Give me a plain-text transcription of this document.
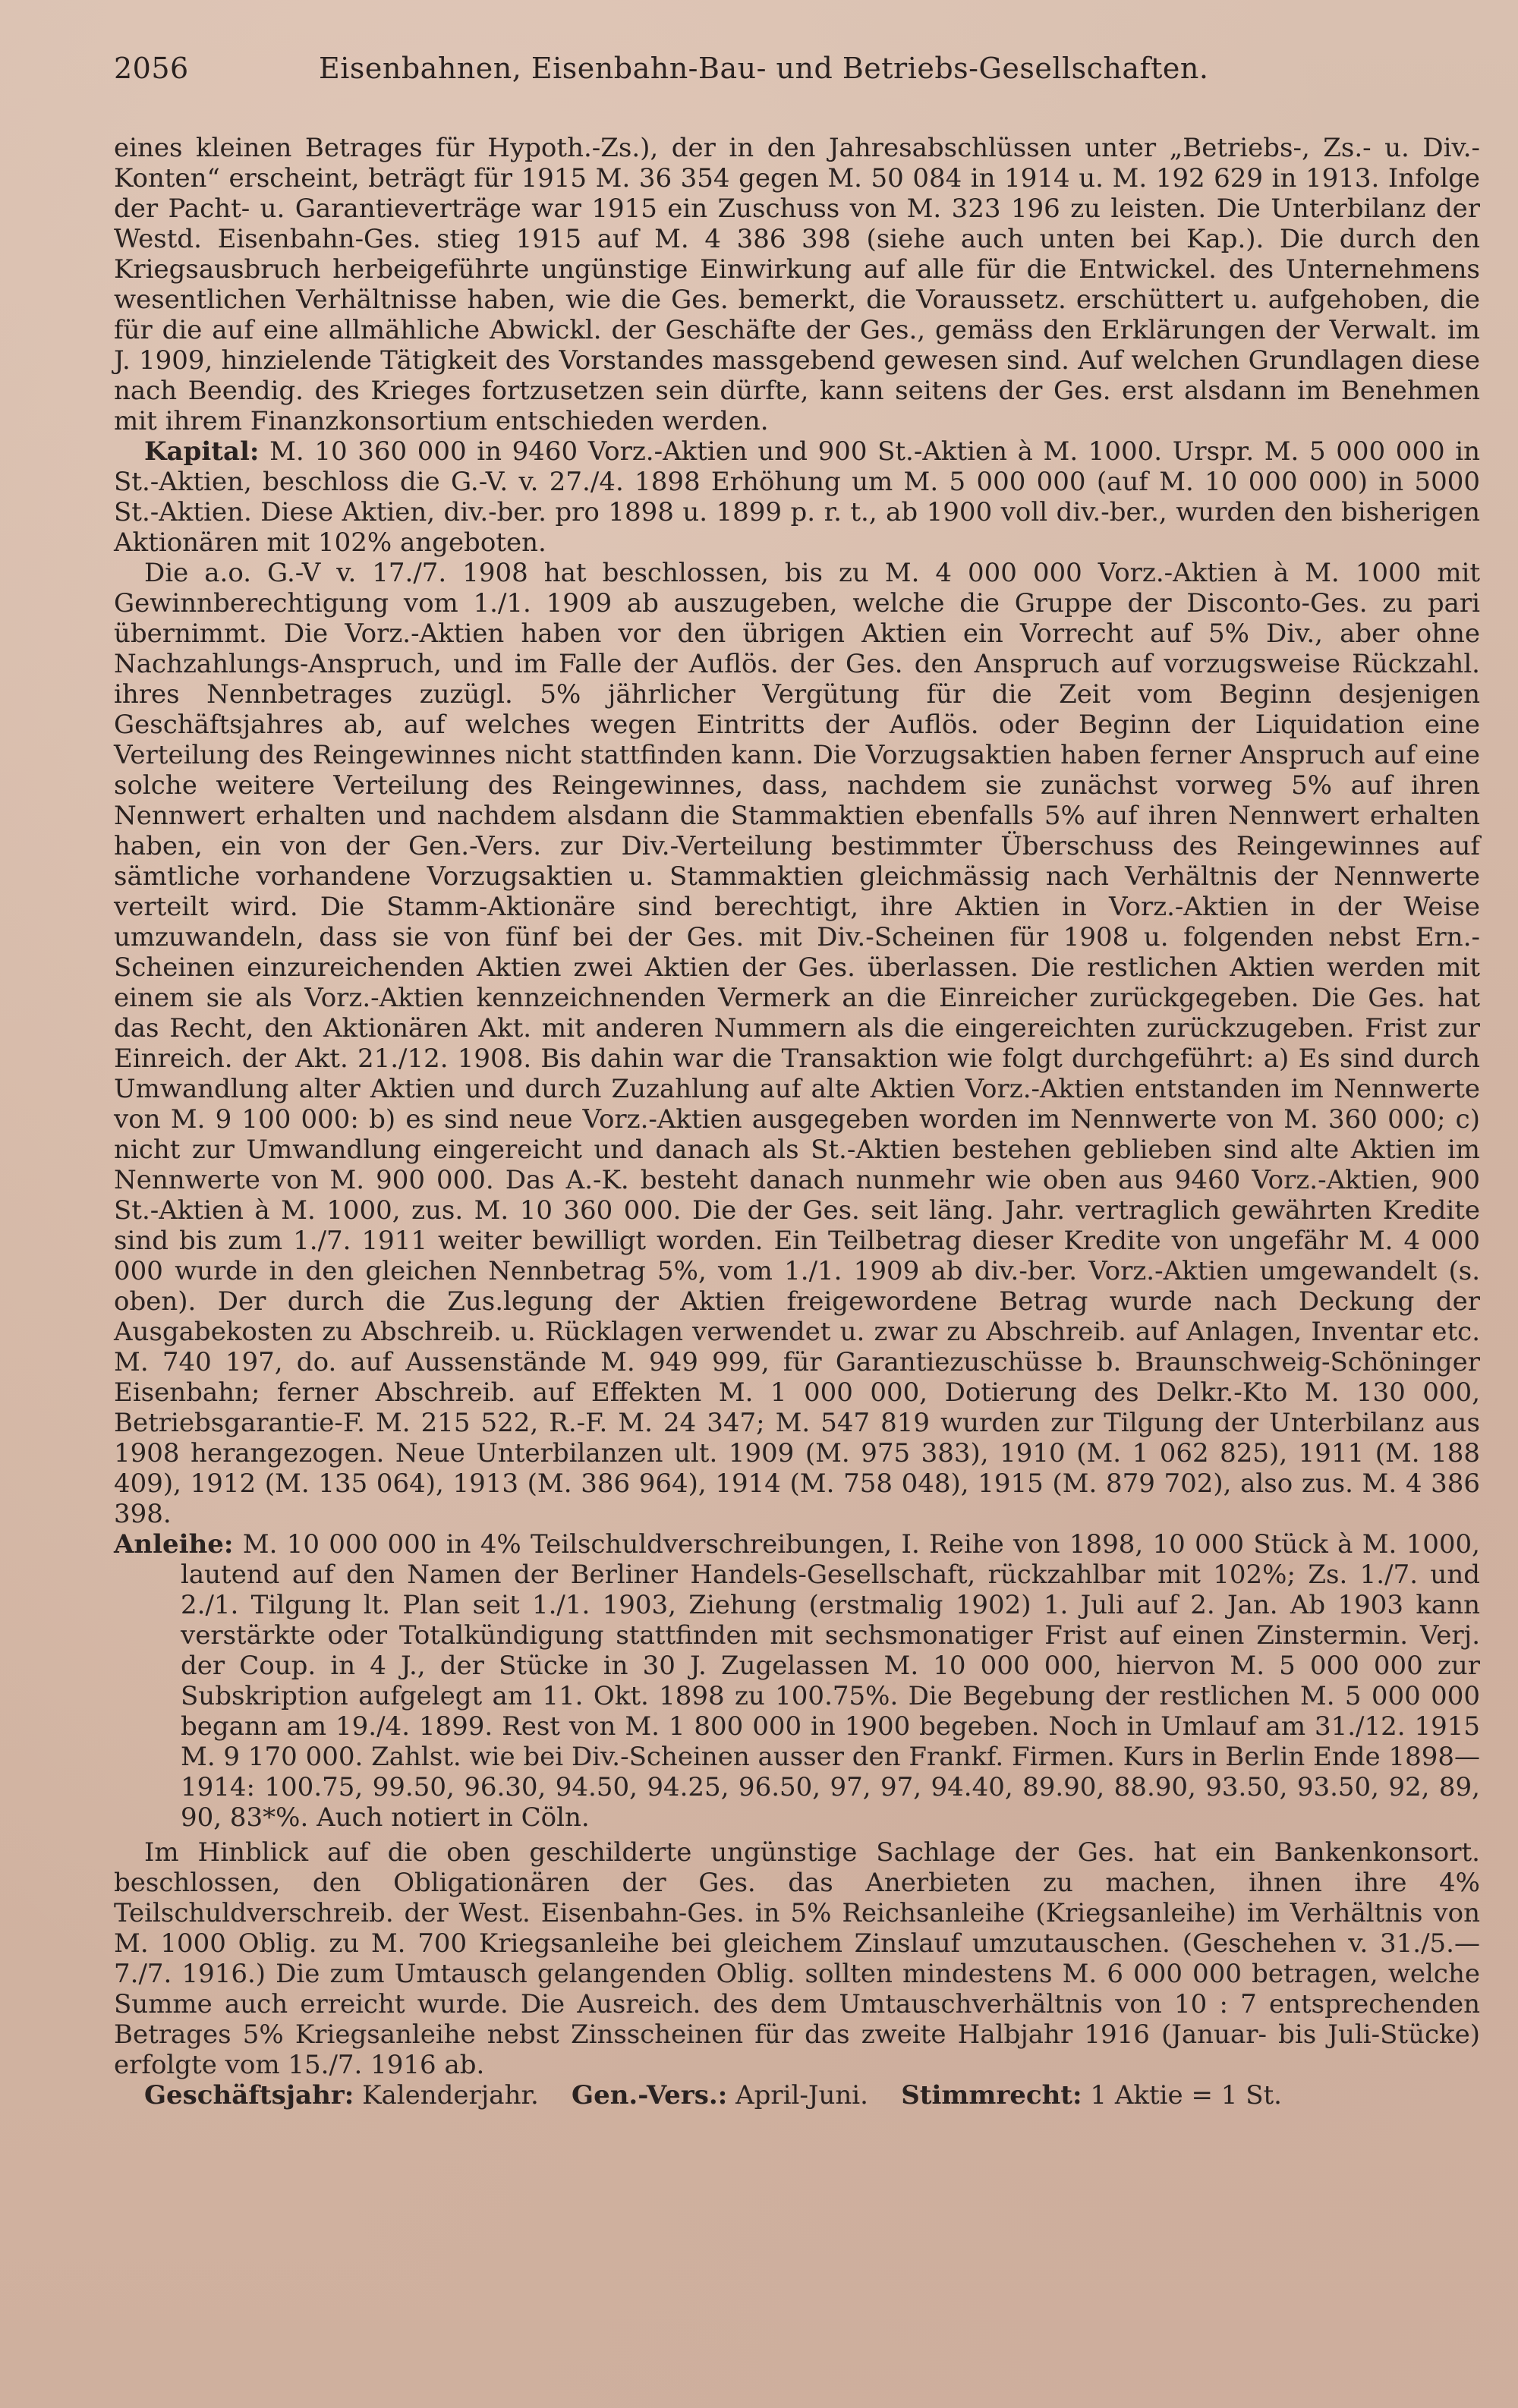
2056	Eisenbahnen, Eisenbahn-Bau- und Betriebs-Gesellschaften.

eines kleinen Betrages für Hypoth.-Zs.), der in den Jahresabschlüssen unter „Betriebs-, Zs.- u. Div.-Konten“ erscheint, beträgt für 1915 M. 36 354 gegen M. 50 084 in 1914 u. M. 192 629 in 1913. Infolge der Pacht- u. Garantieverträge war 1915 ein Zuschuss von M. 323 196 zu leisten. Die Unterbilanz der Westd. Eisenbahn-Ges. stieg 1915 auf M. 4 386 398 (siehe auch unten bei Kap.). Die durch den Kriegsausbruch herbeigeführte ungünstige Einwirkung auf alle für die Entwickel. des Unternehmens wesentlichen Verhältnisse haben, wie die Ges. bemerkt, die Voraussetz. erschüttert u. aufgehoben, die für die auf eine allmähliche Abwickl. der Geschäfte der Ges., gemäss den Erklärungen der Verwalt. im J. 1909, hinzielende Tätigkeit des Vorstandes massgebend gewesen sind. Auf welchen Grundlagen diese nach Beendig. des Krieges fortzusetzen sein dürfte, kann seitens der Ges. erst alsdann im Benehmen mit ihrem Finanzkonsortium entschieden werden.

Kapital: M. 10 360 000 in 9460 Vorz.-Aktien und 900 St.-Aktien à M. 1000. Urspr. M. 5 000 000 in St.-Aktien, beschloss die G.-V. v. 27./4. 1898 Erhöhung um M. 5 000 000 (auf M. 10 000 000) in 5000 St.-Aktien. Diese Aktien, div.-ber. pro 1898 u. 1899 p. r. t., ab 1900 voll div.-ber., wurden den bisherigen Aktionären mit 102% angeboten.

Die a.o. G.-V v. 17./7. 1908 hat beschlossen, bis zu M. 4 000 000 Vorz.-Aktien à M. 1000 mit Gewinnberechtigung vom 1./1. 1909 ab auszugeben, welche die Gruppe der Disconto-Ges. zu pari übernimmt. Die Vorz.-Aktien haben vor den übrigen Aktien ein Vorrecht auf 5% Div., aber ohne Nachzahlungs-Anspruch, und im Falle der Auflös. der Ges. den Anspruch auf vorzugsweise Rückzahl. ihres Nennbetrages zuzügl. 5% jährlicher Vergütung für die Zeit vom Beginn desjenigen Geschäftsjahres ab, auf welches wegen Eintritts der Auflös. oder Beginn der Liquidation eine Verteilung des Reingewinnes nicht stattfinden kann. Die Vorzugsaktien haben ferner Anspruch auf eine solche weitere Verteilung des Reingewinnes, dass, nachdem sie zunächst vorweg 5% auf ihren Nennwert erhalten und nachdem alsdann die Stammaktien ebenfalls 5% auf ihren Nennwert erhalten haben, ein von der Gen.-Vers. zur Div.-Verteilung bestimmter Überschuss des Reingewinnes auf sämtliche vorhandene Vorzugsaktien u. Stammaktien gleichmässig nach Verhältnis der Nennwerte verteilt wird. Die Stamm-Aktionäre sind berechtigt, ihre Aktien in Vorz.-Aktien in der Weise umzuwandeln, dass sie von fünf bei der Ges. mit Div.-Scheinen für 1908 u. folgenden nebst Ern.-Scheinen einzureichenden Aktien zwei Aktien der Ges. überlassen. Die restlichen Aktien werden mit einem sie als Vorz.-Aktien kennzeichnenden Vermerk an die Einreicher zurückgegeben. Die Ges. hat das Recht, den Aktionären Akt. mit anderen Nummern als die eingereichten zurückzugeben. Frist zur Einreich. der Akt. 21./12. 1908. Bis dahin war die Transaktion wie folgt durchgeführt: a) Es sind durch Umwandlung alter Aktien und durch Zuzahlung auf alte Aktien Vorz.-Aktien entstanden im Nennwerte von M. 9 100 000: b) es sind neue Vorz.-Aktien ausgegeben worden im Nennwerte von M. 360 000; c) nicht zur Umwandlung eingereicht und danach als St.-Aktien bestehen geblieben sind alte Aktien im Nennwerte von M. 900 000. Das A.-K. besteht danach nunmehr wie oben aus 9460 Vorz.-Aktien, 900 St.-Aktien à M. 1000, zus. M. 10 360 000. Die der Ges. seit läng. Jahr. vertraglich gewährten Kredite sind bis zum 1./7. 1911 weiter bewilligt worden. Ein Teilbetrag dieser Kredite von ungefähr M. 4 000 000 wurde in den gleichen Nennbetrag 5%, vom 1./1. 1909 ab div.-ber. Vorz.-Aktien umgewandelt (s. oben). Der durch die Zus.legung der Aktien freigewordene Betrag wurde nach Deckung der Ausgabekosten zu Abschreib. u. Rücklagen verwendet u. zwar zu Abschreib. auf Anlagen, Inventar etc. M. 740 197, do. auf Aussenstände M. 949 999, für Garantiezuschüsse b. Braunschweig-Schöninger Eisenbahn; ferner Abschreib. auf Effekten M. 1 000 000, Dotierung des Delkr.-Kto M. 130 000, Betriebsgarantie-F. M. 215 522, R.-F. M. 24 347; M. 547 819 wurden zur Tilgung der Unterbilanz aus 1908 herangezogen. Neue Unterbilanzen ult. 1909 (M. 975 383), 1910 (M. 1 062 825), 1911 (M. 188 409), 1912 (M. 135 064), 1913 (M. 386 964), 1914 (M. 758 048), 1915 (M. 879 702), also zus. M. 4 386 398.

Anleihe: M. 10 000 000 in 4% Teilschuldverschreibungen, I. Reihe von 1898, 10 000 Stück à M. 1000, lautend auf den Namen der Berliner Handels-Gesellschaft, rückzahlbar mit 102%; Zs. 1./7. und 2./1. Tilgung lt. Plan seit 1./1. 1903, Ziehung (erstmalig 1902) 1. Juli auf 2. Jan. Ab 1903 kann verstärkte oder Totalkündigung stattfinden mit sechsmonatiger Frist auf einen Zinstermin. Verj. der Coup. in 4 J., der Stücke in 30 J. Zugelassen M. 10 000 000, hiervon M. 5 000 000 zur Subskription aufgelegt am 11. Okt. 1898 zu 100.75%. Die Begebung der restlichen M. 5 000 000 begann am 19./4. 1899. Rest von M. 1 800 000 in 1900 begeben. Noch in Umlauf am 31./12. 1915 M. 9 170 000. Zahlst. wie bei Div.-Scheinen ausser den Frankf. Firmen. Kurs in Berlin Ende 1898—1914: 100.75, 99.50, 96.30, 94.50, 94.25, 96.50, 97, 97, 94.40, 89.90, 88.90, 93.50, 93.50, 92, 89, 90, 83*%. Auch notiert in Cöln.

Im Hinblick auf die oben geschilderte ungünstige Sachlage der Ges. hat ein Bankenkonsort. beschlossen, den Obligationären der Ges. das Anerbieten zu machen, ihnen ihre 4% Teilschuldverschreib. der West. Eisenbahn-Ges. in 5% Reichsanleihe (Kriegsanleihe) im Verhältnis von M. 1000 Oblig. zu M. 700 Kriegsanleihe bei gleichem Zinslauf umzutauschen. (Geschehen v. 31./5.—7./7. 1916.) Die zum Umtausch gelangenden Oblig. sollten mindestens M. 6 000 000 betragen, welche Summe auch erreicht wurde. Die Ausreich. des dem Umtauschverhältnis von 10 : 7 entsprechenden Betrages 5% Kriegsanleihe nebst Zinsscheinen für das zweite Halbjahr 1916 (Januar- bis Juli-Stücke) erfolgte vom 15./7. 1916 ab.

Geschäftsjahr: Kalenderjahr. Gen.-Vers.: April-Juni. Stimmrecht: 1 Aktie = 1 St.
